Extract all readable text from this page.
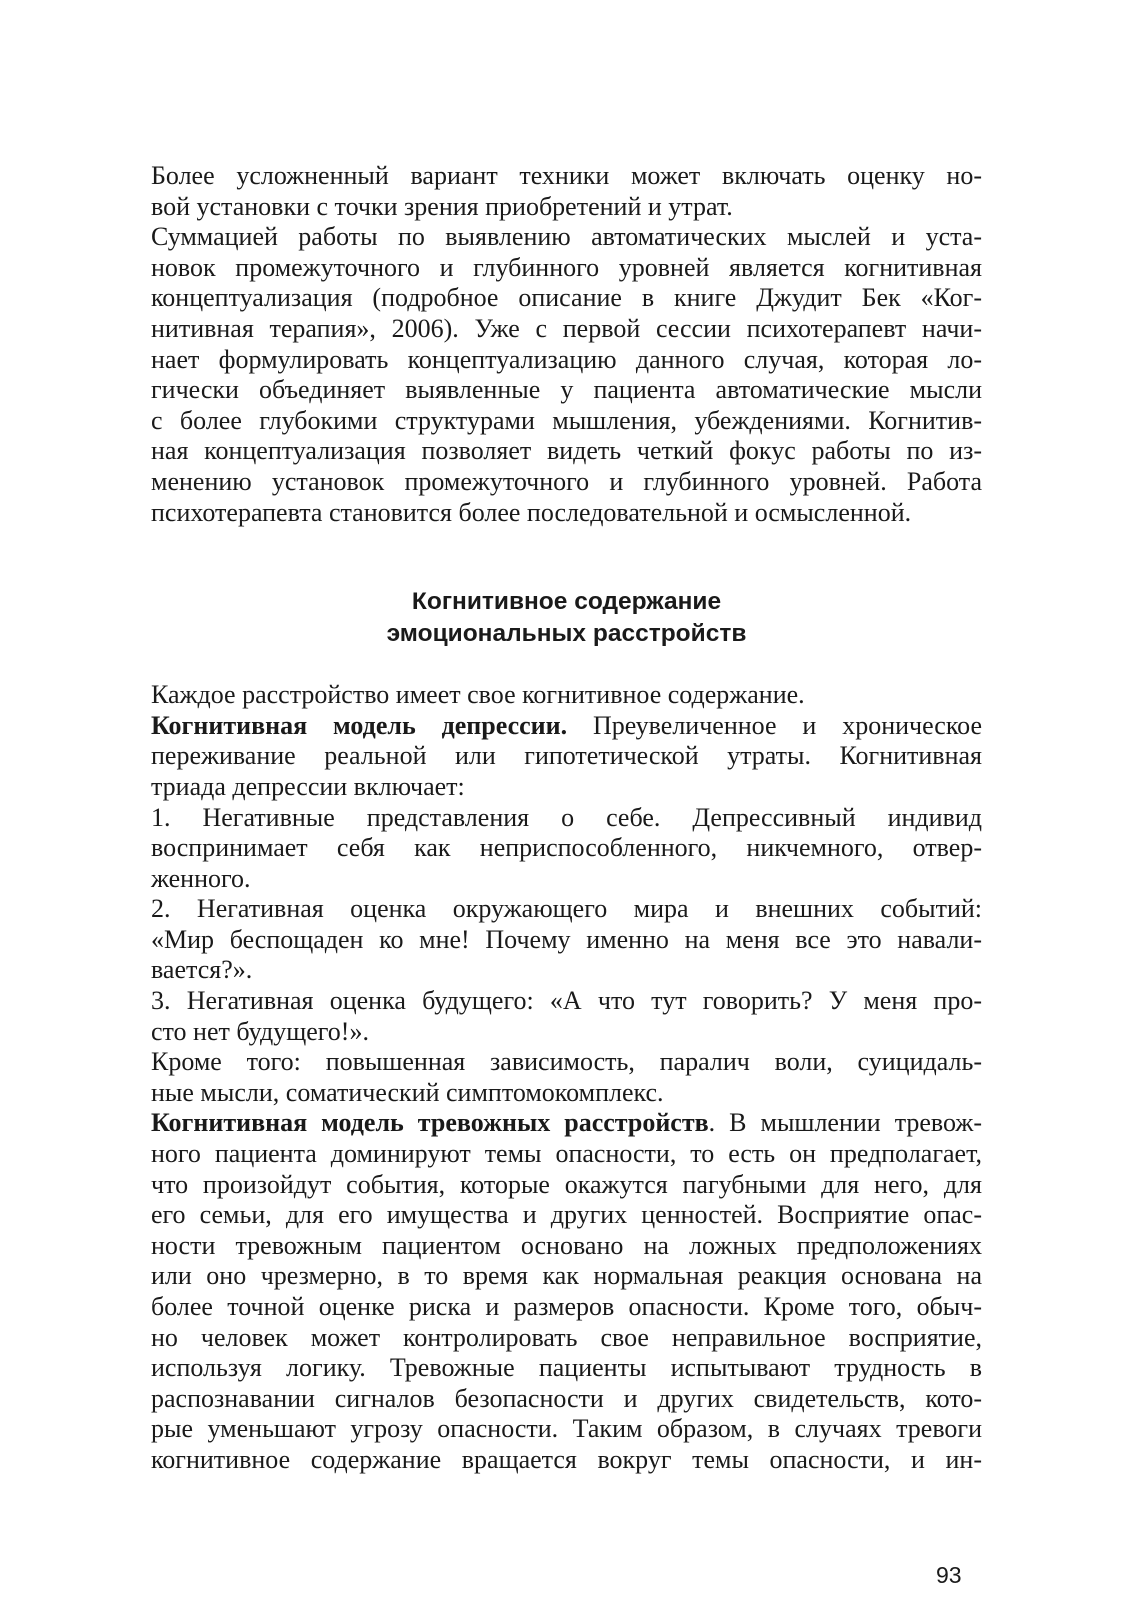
Более усложненный вариант техники может включать оценку но-
вой установки с точки зрения приобретений и утрат.
Суммацией работы по выявлению автоматических мыслей и уста-
новок промежуточного и глубинного уровней является когнитивная
концептуализация (подробное описание в книге Джудит Бек «Ког-
нитивная терапия», 2006). Уже с первой сессии психотерапевт начи-
нает формулировать концептуализацию данного случая, которая ло-
гически объединяет выявленные у пациента автоматические мысли
с более глубокими структурами мышления, убеждениями. Когнитив-
ная концептуализация позволяет видеть четкий фокус работы по из-
менению установок промежуточного и глубинного уровней. Работа
психотерапевта становится более последовательной и осмысленной.
Когнитивное содержание
эмоциональных расстройств
Каждое расстройство имеет свое когнитивное содержание.
Когнитивная модель депрессии. Преувеличенное и хроническое
переживание реальной или гипотетической утраты. Когнитивная
триада депрессии включает:
1. Негативные представления о себе. Депрессивный индивид
воспринимает себя как неприспособленного, никчемного, отвер-
женного.
2. Негативная оценка окружающего мира и внешних событий:
«Мир беспощаден ко мне! Почему именно на меня все это навали-
вается?».
3. Негативная оценка будущего: «А что тут говорить? У меня про-
сто нет будущего!».
Кроме того: повышенная зависимость, паралич воли, суицидаль-
ные мысли, соматический симптомокомплекс.
Когнитивная модель тревожных расстройств. В мышлении тревож-
ного пациента доминируют темы опасности, то есть он предполагает,
что произойдут события, которые окажутся пагубными для него, для
его семьи, для его имущества и других ценностей. Восприятие опас-
ности тревожным пациентом основано на ложных предположениях
или оно чрезмерно, в то время как нормальная реакция основана на
более точной оценке риска и размеров опасности. Кроме того, обыч-
но человек может контролировать свое неправильное восприятие,
используя логику. Тревожные пациенты испытывают трудность в
распознавании сигналов безопасности и других свидетельств, кото-
рые уменьшают угрозу опасности. Таким образом, в случаях тревоги
когнитивное содержание вращается вокруг темы опасности, и ин-
93
